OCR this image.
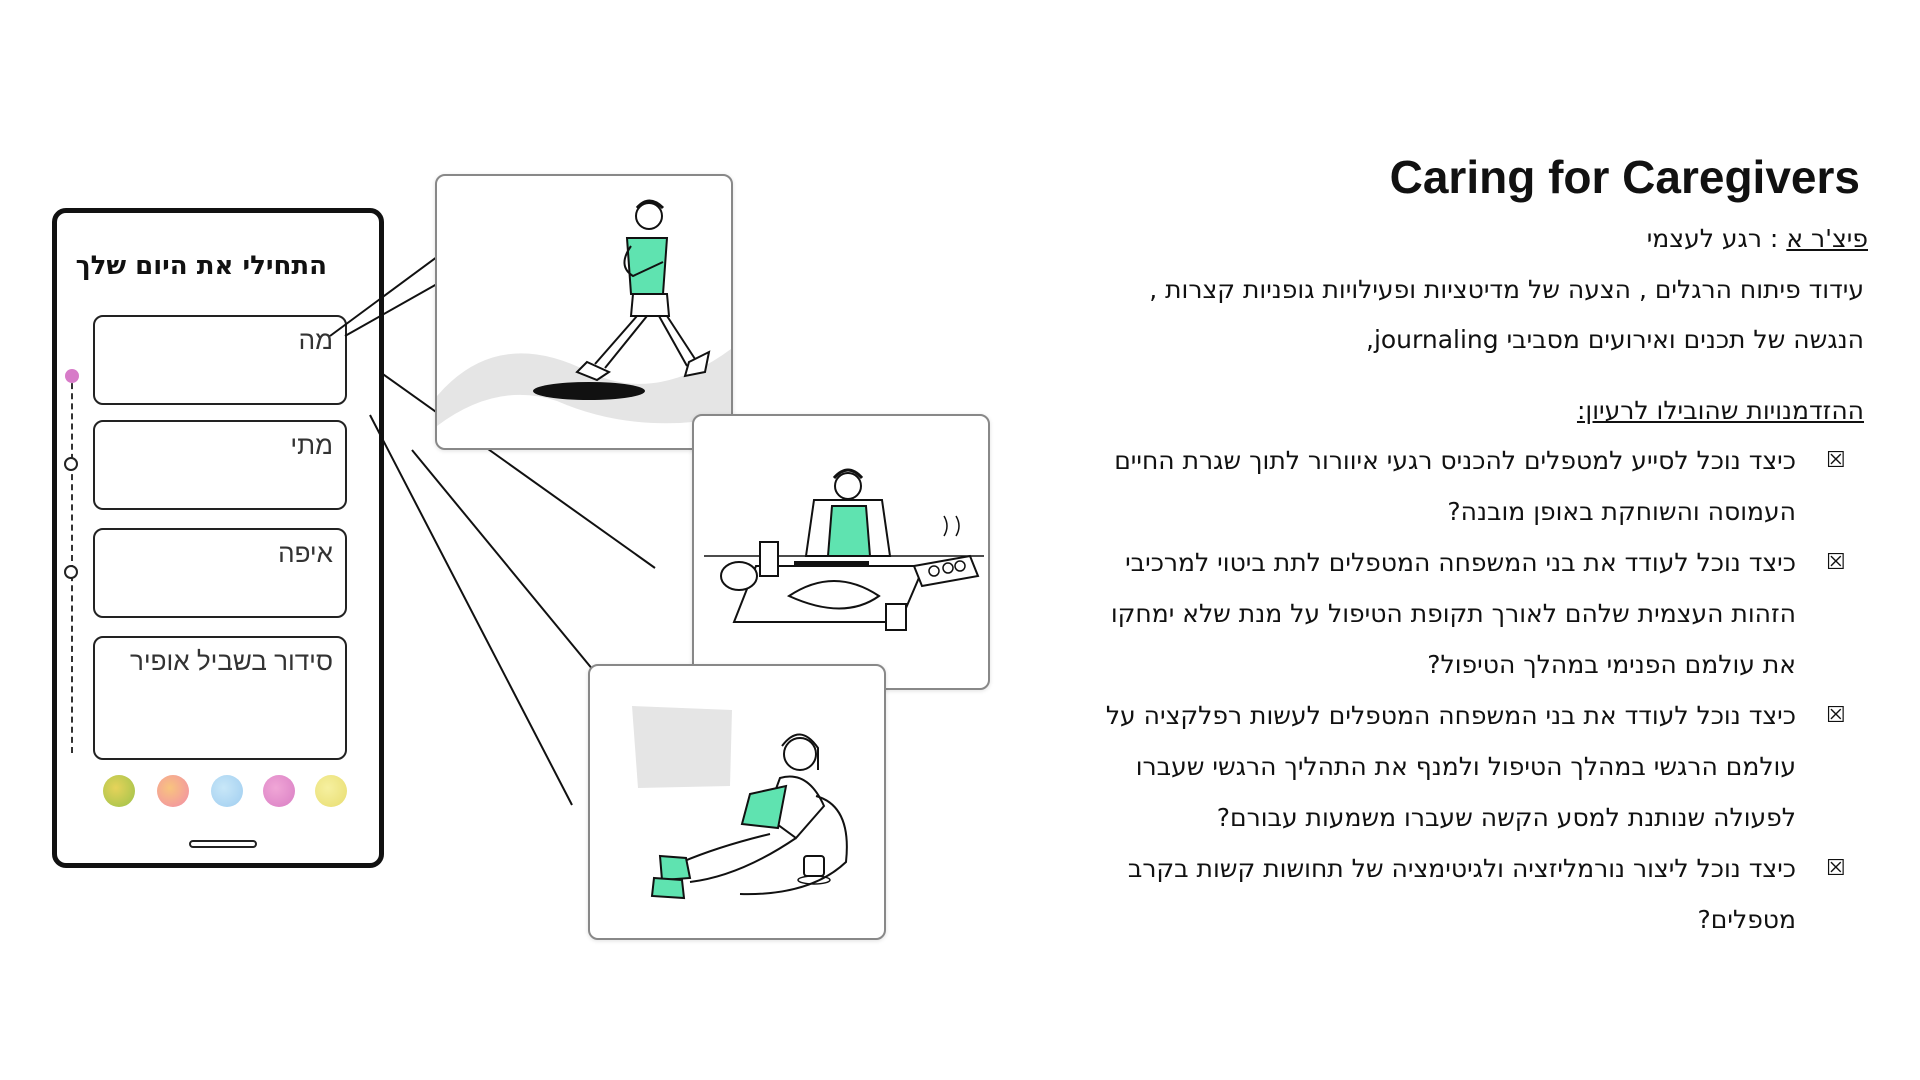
התחילי את היום שלך
מה
מתי
איפה
סידור בשביל אופיר
Caring for Caregivers
פיצ'ר א : רגע לעצמי
עידוד פיתוח הרגלים , הצעה של מדיטציות ופעילויות גופניות קצרות ,
הנגשה של תכנים ואירועים מסביבי journaling,
ההזדמנויות שהובילו לרעיון:
☒
כיצד נוכל לסייע למטפלים להכניס רגעי איוורור לתוך שגרת החיים
העמוסה והשוחקת באופן מובנה?
☒
כיצד נוכל לעודד את בני המשפחה המטפלים לתת ביטוי למרכיבי
הזהות העצמית שלהם לאורך תקופת הטיפול על מנת שלא ימחקו
את עולמם הפנימי במהלך הטיפול?
☒
כיצד נוכל לעודד את בני המשפחה המטפלים לעשות רפלקציה על
עולמם הרגשי במהלך הטיפול ולמנף את התהליך הרגשי שעברו
לפעולה שנותנת למסע הקשה שעברו משמעות עבורם?
☒
כיצד נוכל ליצור נורמליזציה ולגיטימציה של תחושות קשות בקרב
מטפלים?
